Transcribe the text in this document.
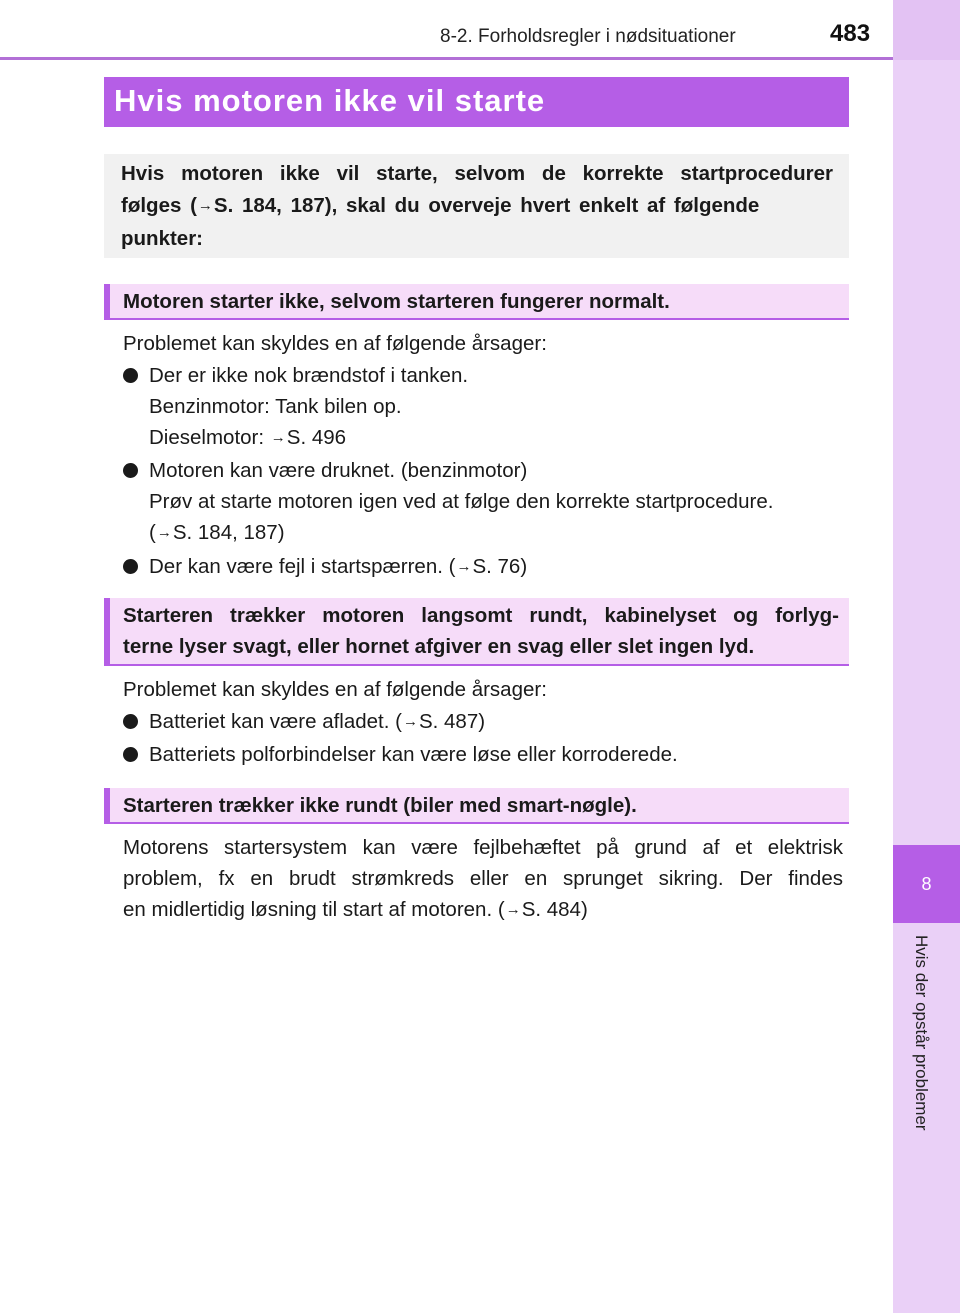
8-2. Forholdsregler i nødsituationer	483
8
Hvis der opstår problemer
Hvis motoren ikke vil starte
Hvis motoren ikke vil starte, selvom de korrekte startprocedurer
følges (→S. 184, 187), skal du overveje hvert enkelt af følgende
punkter:
Motoren starter ikke, selvom starteren fungerer normalt.
Problemet kan skyldes en af følgende årsager:
Der er ikke nok brændstof i tanken.
Benzinmotor: Tank bilen op.
Dieselmotor: →S. 496
Motoren kan være druknet. (benzinmotor)
Prøv at starte motoren igen ved at følge den korrekte startprocedure.
(→S. 184, 187)
Der kan være fejl i startspærren. (→S. 76)
Starteren trækker motoren langsomt rundt, kabinelyset og forlyg-
terne lyser svagt, eller hornet afgiver en svag eller slet ingen lyd.
Problemet kan skyldes en af følgende årsager:
Batteriet kan være afladet. (→S. 487)
Batteriets polforbindelser kan være løse eller korroderede.
Starteren trækker ikke rundt (biler med smart-nøgle).
Motorens startersystem kan være fejlbehæftet på grund af et elektrisk
problem, fx en brudt strømkreds eller en sprunget sikring. Der findes
en midlertidig løsning til start af motoren. (→S. 484)
